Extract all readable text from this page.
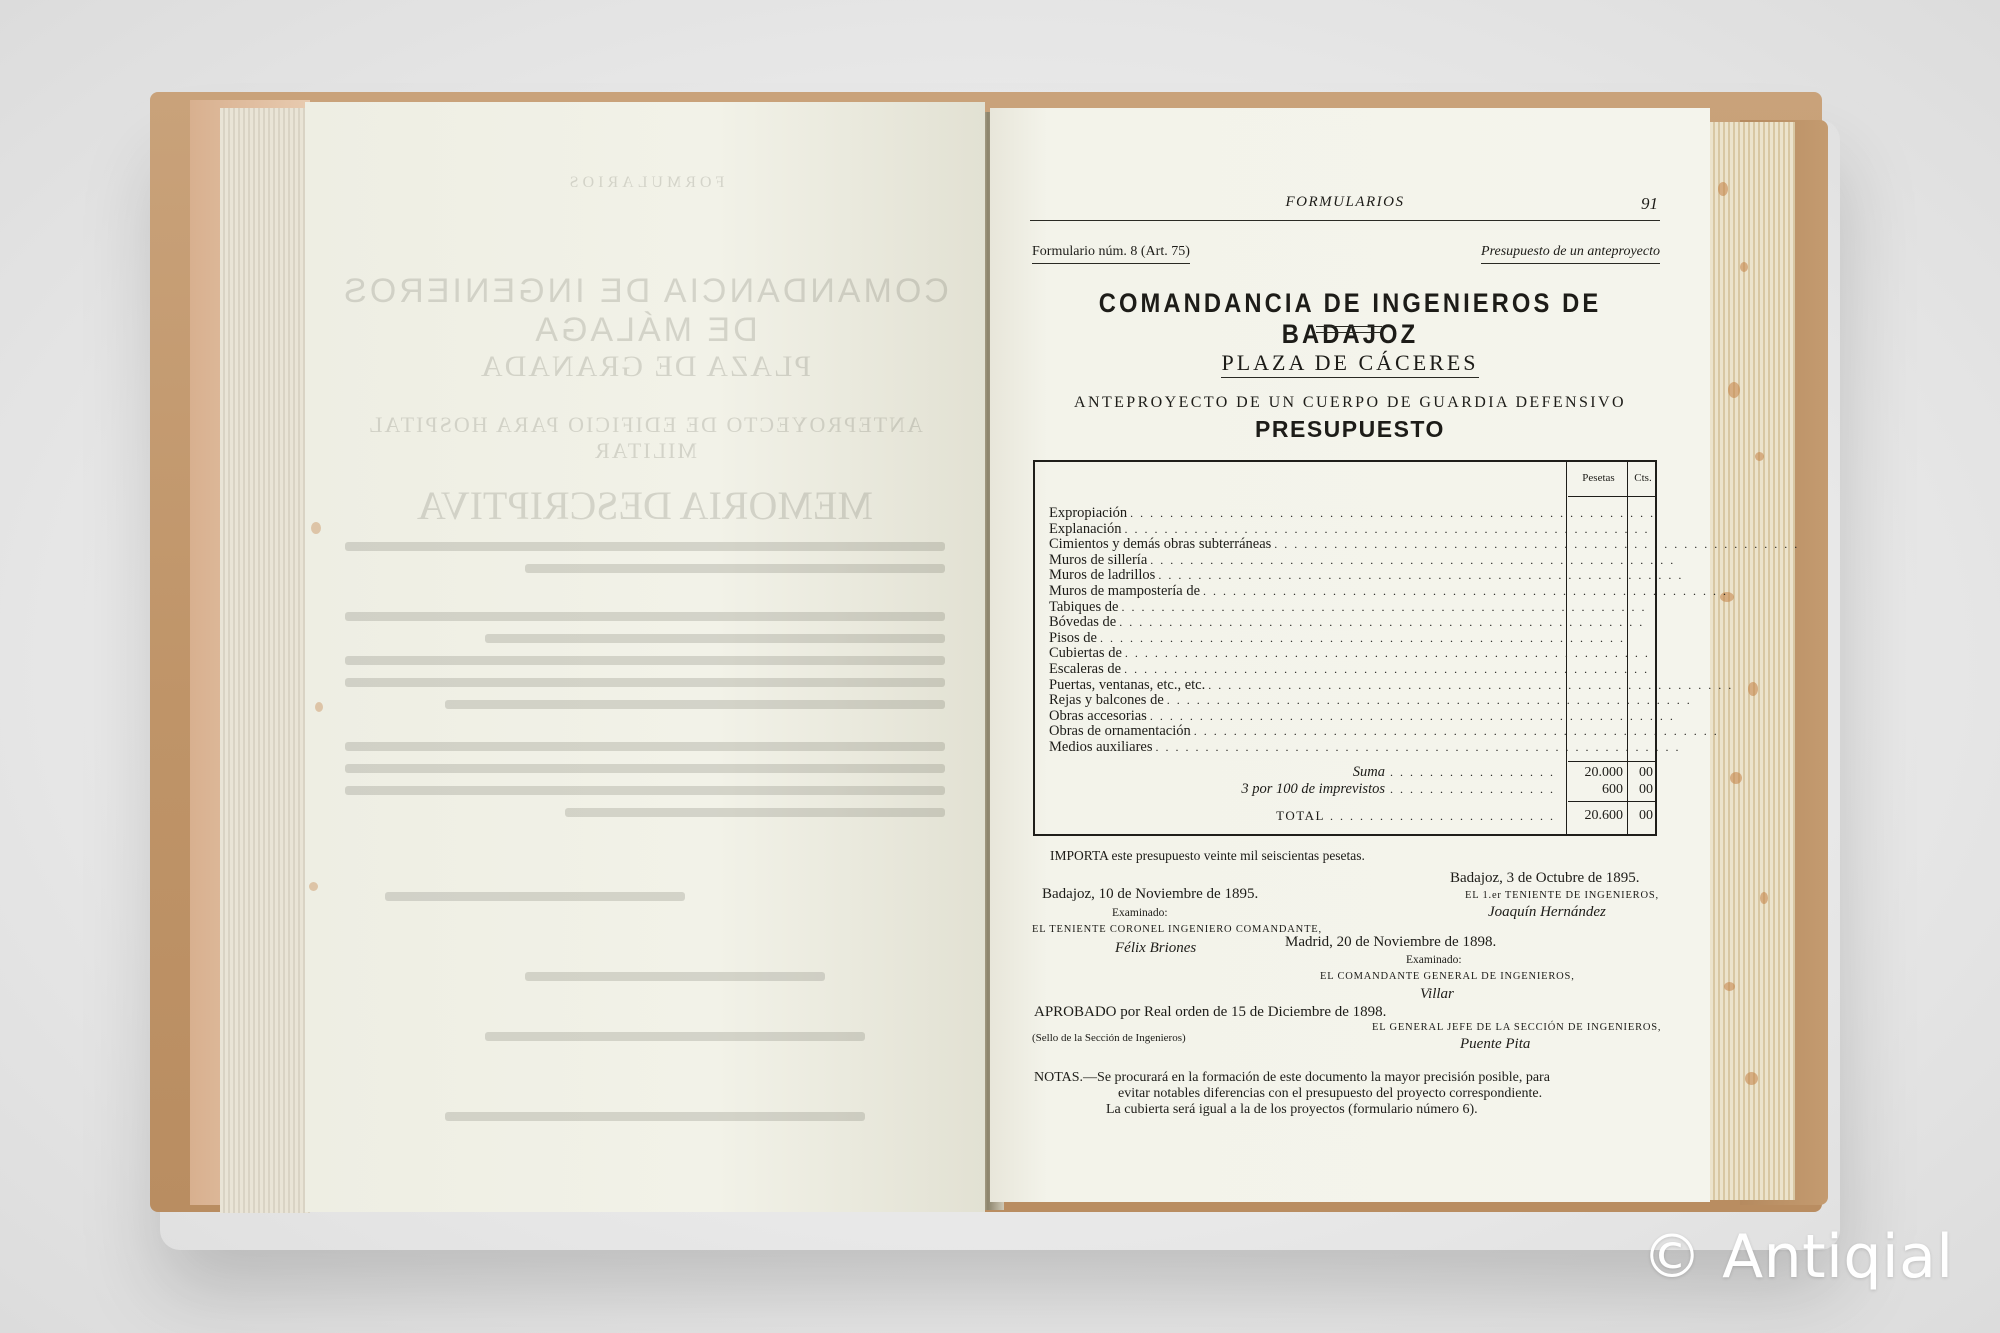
FORMULARIOS
COMANDANCIA DE INGENIEROS DE MÁLAGA
PLAZA DE GRANADA
ANTEPROYECTO DE EDIFICIO PARA HOSPITAL MILITAR
MEMORIA DESCRIPTIVA
FORMULARIOS	91
Formulario núm. 8 (Art. 75)	Presupuesto de un anteproyecto
COMANDANCIA DE INGENIEROS DE BADAJOZ
PLAZA DE CÁCERES
ANTEPROYECTO DE UN CUERPO DE GUARDIA DEFENSIVO
PRESUPUESTO
Pesetas	Cts.
Expropiación . . . . . . . . . . . . . . . . . . . . . . . . . . . . . . . . . . . . . . . . . . . . . . . . . . . . .
Explanación . . . . . . . . . . . . . . . . . . . . . . . . . . . . . . . . . . . . . . . . . . . . . . . . . . . . .
Cimientos y demás obras subterráneas . . . . . . . . . . . . . . . . . . . . . . . . . . . . . . . . . . . . . . . . . . . . . . . . . . . . .
Muros de sillería . . . . . . . . . . . . . . . . . . . . . . . . . . . . . . . . . . . . . . . . . . . . . . . . . . . . .
Muros de ladrillos . . . . . . . . . . . . . . . . . . . . . . . . . . . . . . . . . . . . . . . . . . . . . . . . . . . . .
Muros de mampostería de . . . . . . . . . . . . . . . . . . . . . . . . . . . . . . . . . . . . . . . . . . . . . . . . . . . . .
Tabiques de . . . . . . . . . . . . . . . . . . . . . . . . . . . . . . . . . . . . . . . . . . . . . . . . . . . . .
Bóvedas de . . . . . . . . . . . . . . . . . . . . . . . . . . . . . . . . . . . . . . . . . . . . . . . . . . . . .
Pisos de . . . . . . . . . . . . . . . . . . . . . . . . . . . . . . . . . . . . . . . . . . . . . . . . . . . . .
Cubiertas de . . . . . . . . . . . . . . . . . . . . . . . . . . . . . . . . . . . . . . . . . . . . . . . . . . . . .
Escaleras de . . . . . . . . . . . . . . . . . . . . . . . . . . . . . . . . . . . . . . . . . . . . . . . . . . . . .
Puertas, ventanas, etc., etc. . . . . . . . . . . . . . . . . . . . . . . . . . . . . . . . . . . . . . . . . . . . . . . . . . . . . .
Rejas y balcones de . . . . . . . . . . . . . . . . . . . . . . . . . . . . . . . . . . . . . . . . . . . . . . . . . . . . .
Obras accesorias . . . . . . . . . . . . . . . . . . . . . . . . . . . . . . . . . . . . . . . . . . . . . . . . . . . . .
Obras de ornamentación . . . . . . . . . . . . . . . . . . . . . . . . . . . . . . . . . . . . . . . . . . . . . . . . . . . . .
Medios auxiliares . . . . . . . . . . . . . . . . . . . . . . . . . . . . . . . . . . . . . . . . . . . . . . . . . . . . .
Suma . . . . . . . . . . . . . . . . .	20.000	00
3 por 100 de imprevistos . . . . . . . . . . . . . . . . .	600	00
TOTAL . . . . . . . . . . . . . . . . . . . . . . .	20.600	00
IMPORTA este presupuesto veinte mil seiscientas pesetas.
Badajoz, 3 de Octubre de 1895.
EL 1.er TENIENTE DE INGENIEROS,
Joaquín Hernández
Badajoz, 10 de Noviembre de 1895.
Examinado:
EL TENIENTE CORONEL INGENIERO COMANDANTE,
Félix Briones	Madrid, 20 de Noviembre de 1898.
Examinado:
EL COMANDANTE GENERAL DE INGENIEROS,
Villar
APROBADO por Real orden de 15 de Diciembre de 1898.
EL GENERAL JEFE DE LA SECCIÓN DE INGENIEROS,
(Sello de la Sección de Ingenieros)	Puente Pita
NOTAS.—Se procurará en la formación de este documento la mayor precisión posible, para
evitar notables diferencias con el presupuesto del proyecto correspondiente.
La cubierta será igual a la de los proyectos (formulario número 6).
© Antiqial
